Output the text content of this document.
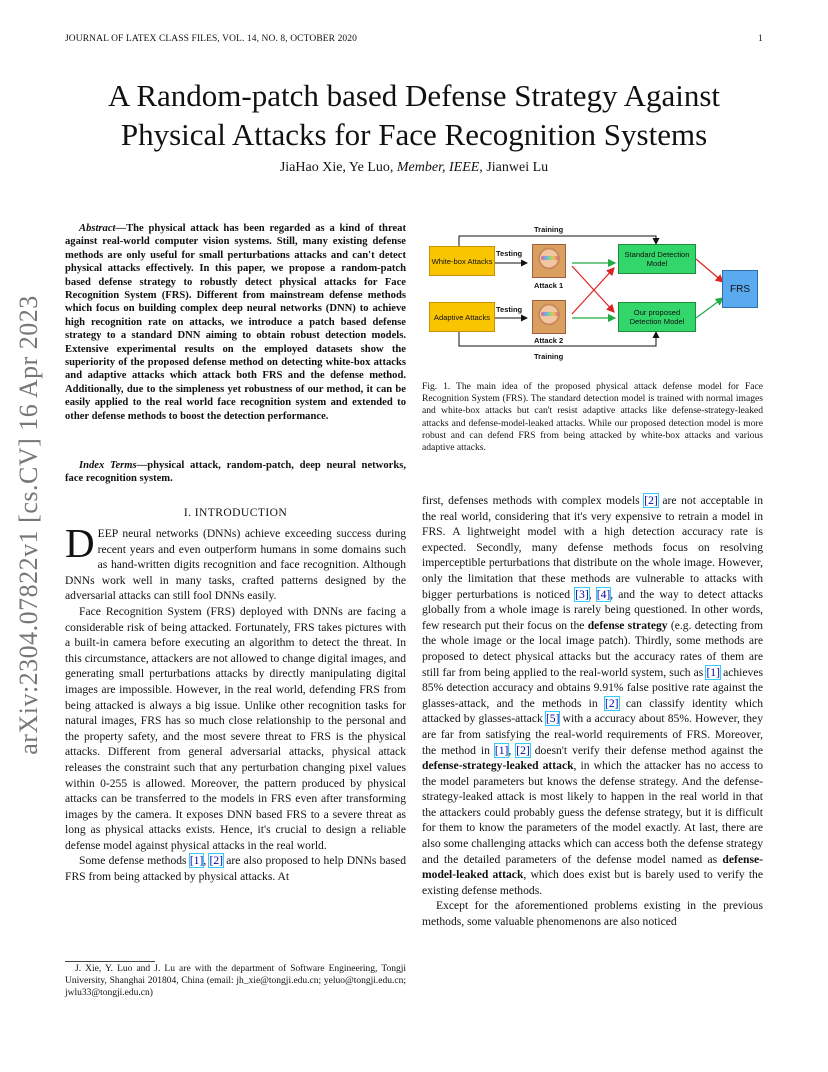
JOURNAL OF LATEX CLASS FILES, VOL. 14, NO. 8, OCTOBER 2020	1
arXiv:2304.07822v1 [cs.CV] 16 Apr 2023
A Random-patch based Defense Strategy Against
Physical Attacks for Face Recognition Systems
JiaHao Xie, Ye Luo, Member, IEEE, Jianwei Lu

Abstract—The physical attack has been regarded as a kind of threat against real-world computer vision systems. Still, many existing defense methods are only useful for small perturbations attacks and can't detect physical attacks effectively. In this paper, we propose a random-patch based defense strategy to robustly detect physical attacks for Face Recognition System (FRS). Different from mainstream defense methods which focus on building complex deep neural networks (DNN) to achieve high recognition rate on attacks, we introduce a patch based defense strategy to a standard DNN aiming to obtain robust detection models. Extensive experimental results on the employed datasets show the superiority of the proposed defense method on detecting white-box attacks and adaptive attacks which attack both FRS and the defense method. Additionally, due to the simpleness yet robustness of our method, it can be easily applied to the real world face recognition system and extended to other defense methods to boost the detection performance.

Index Terms—physical attack, random-patch, deep neural networks, face recognition system.

I. INTRODUCTION

DEEP neural networks (DNNs) achieve exceeding success during recent years and even outperform humans in some domains such as hand-written digits recognition and face recognition. Although DNNs work well in many tasks, crafted patterns designed by the adversarial attacks can still fool DNNs easily.

Face Recognition System (FRS) deployed with DNNs are facing a considerable risk of being attacked. Fortunately, FRS takes pictures with a built-in camera before executing an algorithm to detect the threat. In this circumstance, attackers are not allowed to change digital images, and generating small perturbations attacks by directly manipulating digital images are impossible. However, in the real world, defending FRS from being attacked is always a big issue. Unlike other recognition tasks for natural images, FRS has so much close relationship to the personal and the property safety, and the most severe threat to FRS is the physical attacks. Different from general adversarial attacks, physical attack releases the constraint such that any perturbation changing pixel values within 0-255 is allowed. Moreover, the pattern produced by physical attacks can be transferred to the models in FRS even after transforming images by the camera. It exposes DNN based FRS to a severe threat as long as physical attacks exists. Hence, it's crucial to design a reliable defense model against physical attacks in the real world.

Some defense methods [1], [2] are also proposed to help DNNs based FRS from being attacked by physical attacks. At

J. Xie, Y. Luo and J. Lu are with the department of Software Engineering, Tongji University, Shanghai 201804, China (email: jh_xie@tongji.edu.cn; yeluo@tongji.edu.cn; jwlu33@tongji.edu.cn)

Training
Training
White-box Attacks
Adaptive Attacks
Testing
Testing
Attack 1
Attack 2
Standard Detection Model
Our proposed Detection Model
FRS

Fig. 1. The main idea of the proposed physical attack defense model for Face Recognition System (FRS). The standard detection model is trained with normal images and white-box attacks but can't resist adaptive attacks like defense-strategy-leaked attacks and defense-model-leaked attacks. While our proposed detection model is more robust and can defend FRS from being attacked by white-box attacks and various adaptive attacks.

first, defenses methods with complex models [2] are not acceptable in the real world, considering that it's very expensive to retrain a model in FRS. A lightweight model with a high detection accuracy rate is expected. Secondly, many defense methods focus on resolving imperceptible perturbations that distribute on the whole image. However, only the limitation that these methods are vulnerable to attacks with bigger perturbations is noticed [3], [4], and the way to detect attacks globally from a whole image is rarely being questioned. In other words, few research put their focus on the defense strategy (e.g. detecting from the whole image or the local image patch). Thirdly, some methods are proposed to detect physical attacks but the accuracy rates of them are still far from being applied to the real-world system, such as [1] achieves 85% detection accuracy and obtains 9.91% false positive rate against the glasses-attack, and the methods in [2] can classify identity which attacked by glasses-attack [5] with a accuracy about 85%. However, they are far from satisfying the real-world requirements of FRS. Moreover, the method in [1], [2] doesn't verify their defense method against the defense-strategy-leaked attack, in which the attacker has no access to the model parameters but knows the defense strategy. And the defense-strategy-leaked attack is most likely to happen in the real world in that the attackers could probably guess the defense strategy, but it is difficult for them to know the parameters of the model exactly. At last, there are also some challenging attacks which can access both the defense strategy and the detailed parameters of the defense model named as defense-model-leaked attack, which does exist but is barely used to verify the existing defense methods.

Except for the aforementioned problems existing in the previous methods, some valuable phenomenons are also noticed
